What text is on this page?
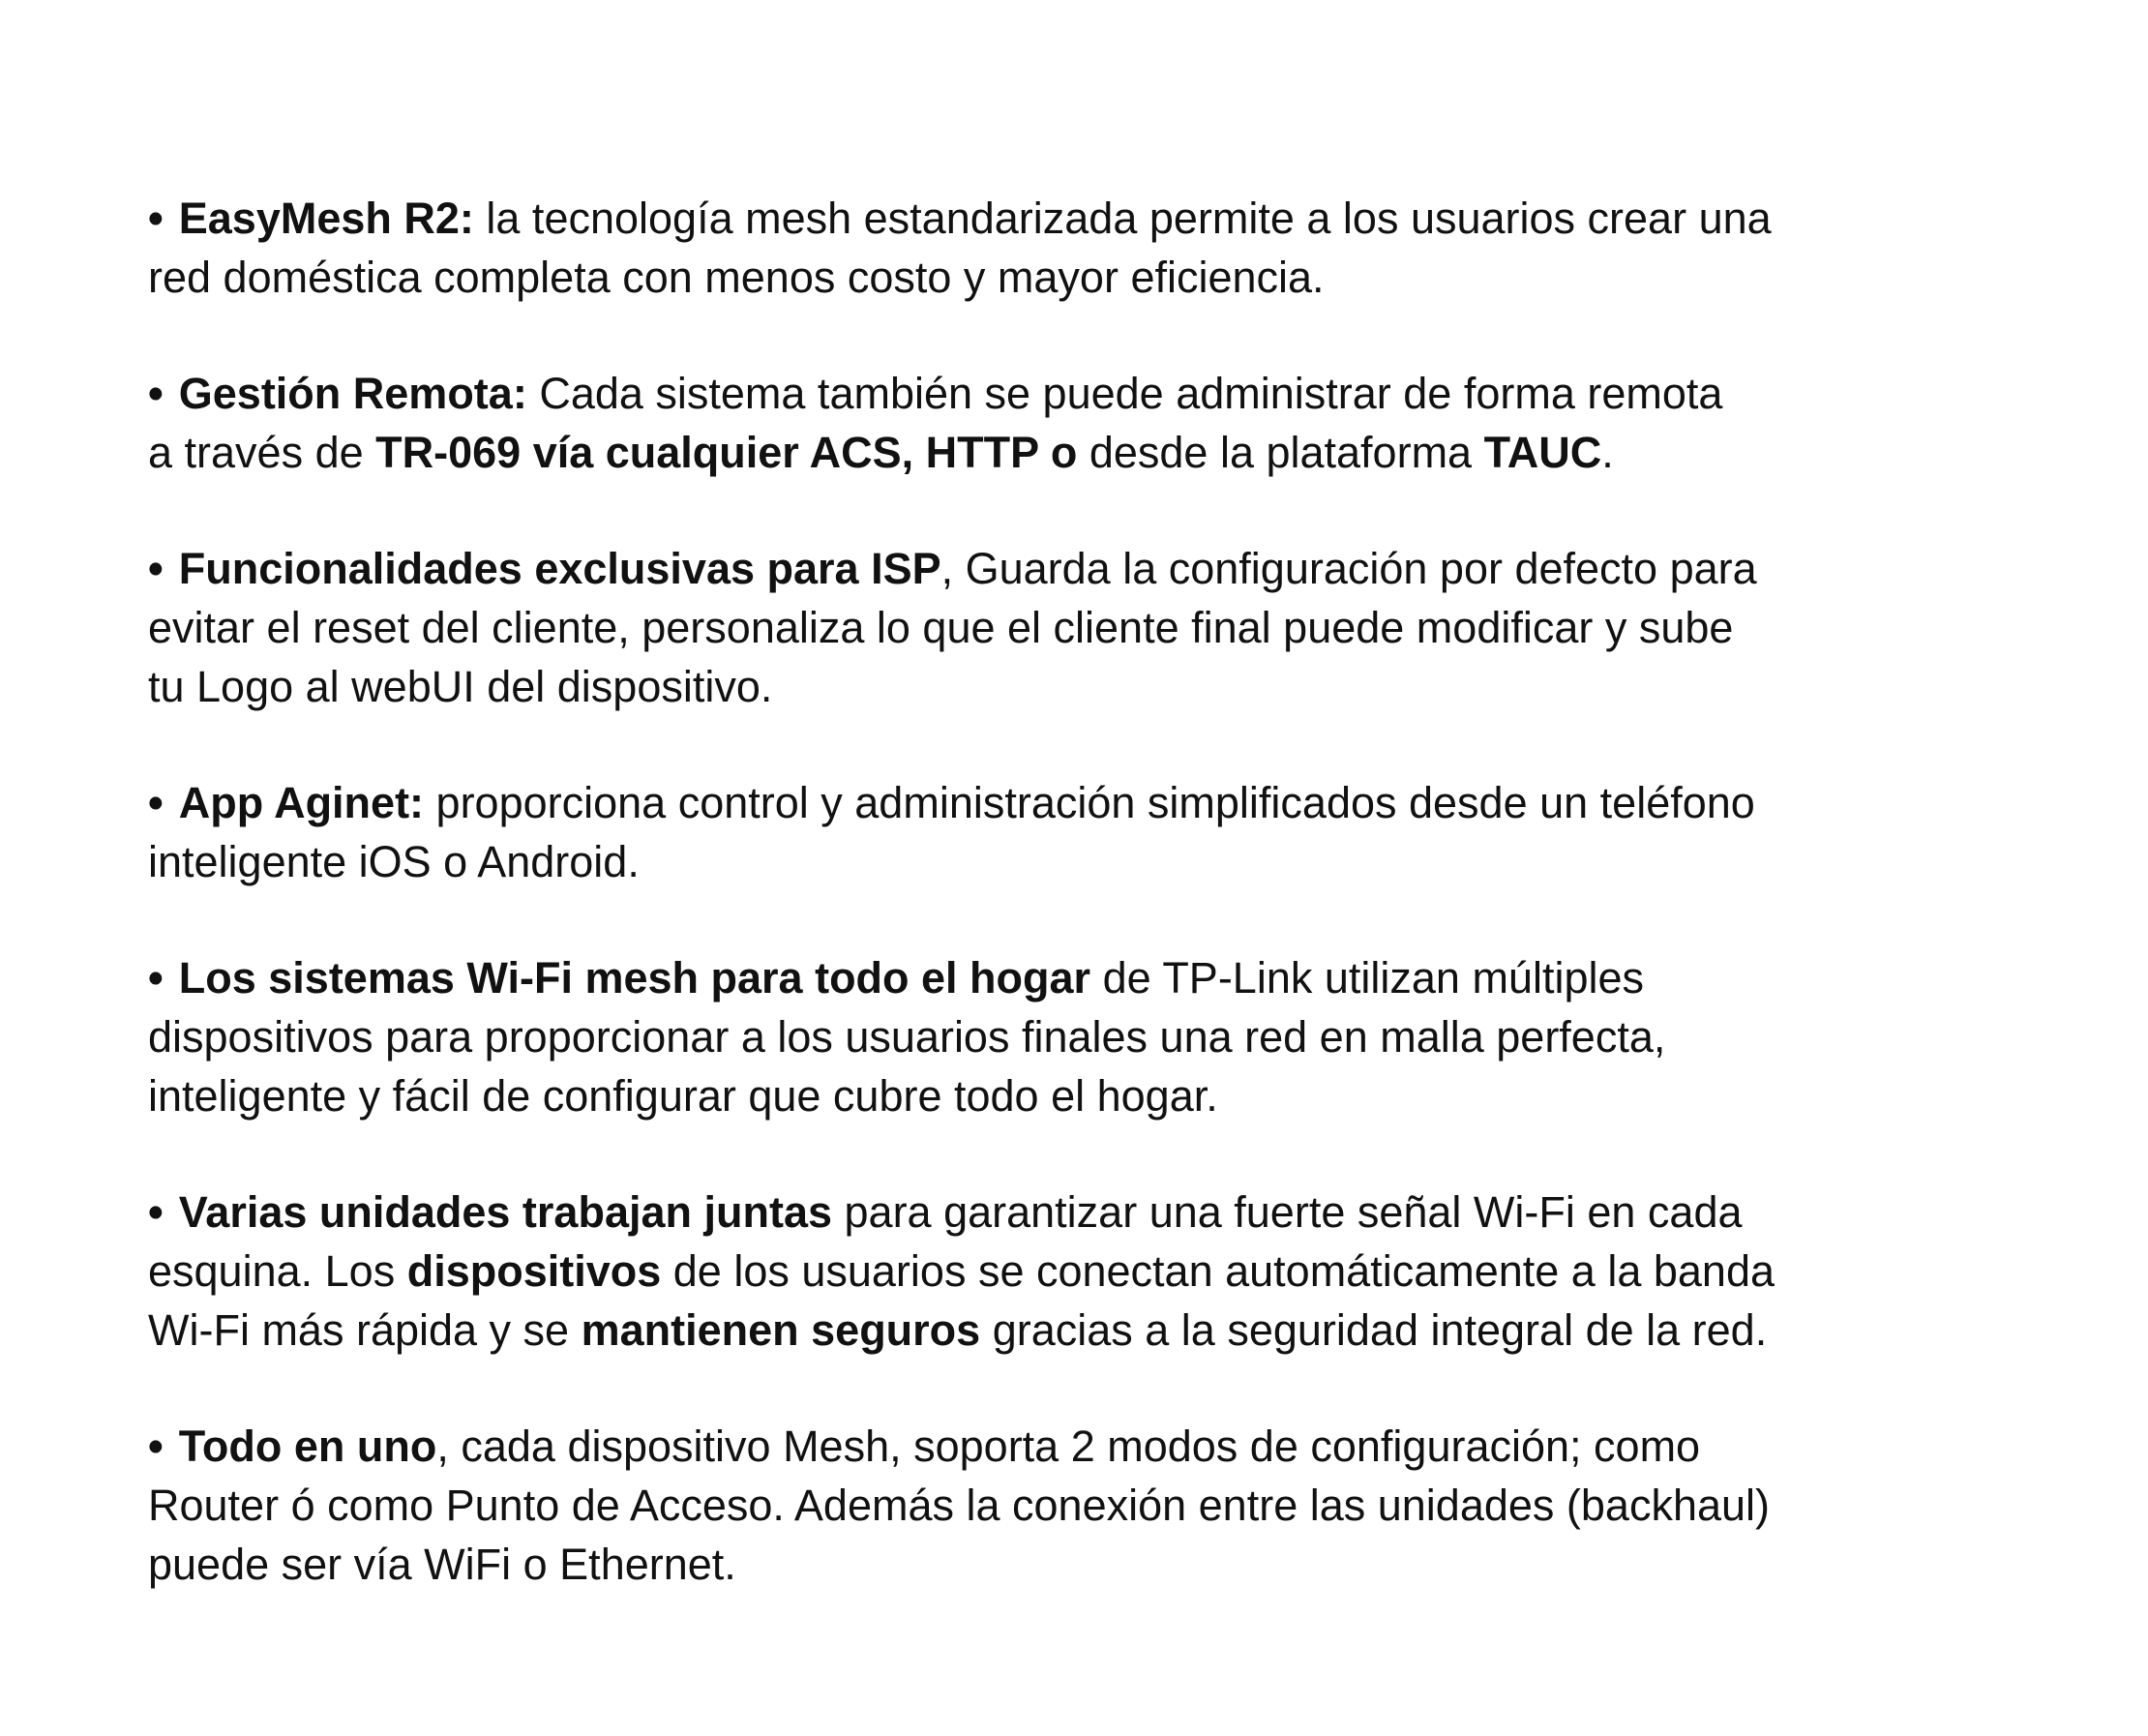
• EasyMesh R2: la tecnología mesh estandarizada permite a los usuarios crear una
red doméstica completa con menos costo y mayor eficiencia.
• Gestión Remota: Cada sistema también se puede administrar de forma remota
a través de TR-069 vía cualquier ACS, HTTP o desde la plataforma TAUC.
• Funcionalidades exclusivas para ISP, Guarda la configuración por defecto para
evitar el reset del cliente, personaliza lo que el cliente final puede modificar y sube
tu Logo al webUI del dispositivo.
• App Aginet: proporciona control y administración simplificados desde un teléfono
inteligente iOS o Android.
• Los sistemas Wi-Fi mesh para todo el hogar de TP-Link utilizan múltiples
dispositivos para proporcionar a los usuarios finales una red en malla perfecta,
inteligente y fácil de configurar que cubre todo el hogar.
• Varias unidades trabajan juntas para garantizar una fuerte señal Wi-Fi en cada
esquina. Los dispositivos de los usuarios se conectan automáticamente a la banda
Wi-Fi más rápida y se mantienen seguros gracias a la seguridad integral de la red.
• Todo en uno, cada dispositivo Mesh, soporta 2 modos de configuración; como
Router ó como Punto de Acceso. Además la conexión entre las unidades (backhaul)
puede ser vía WiFi o Ethernet.
